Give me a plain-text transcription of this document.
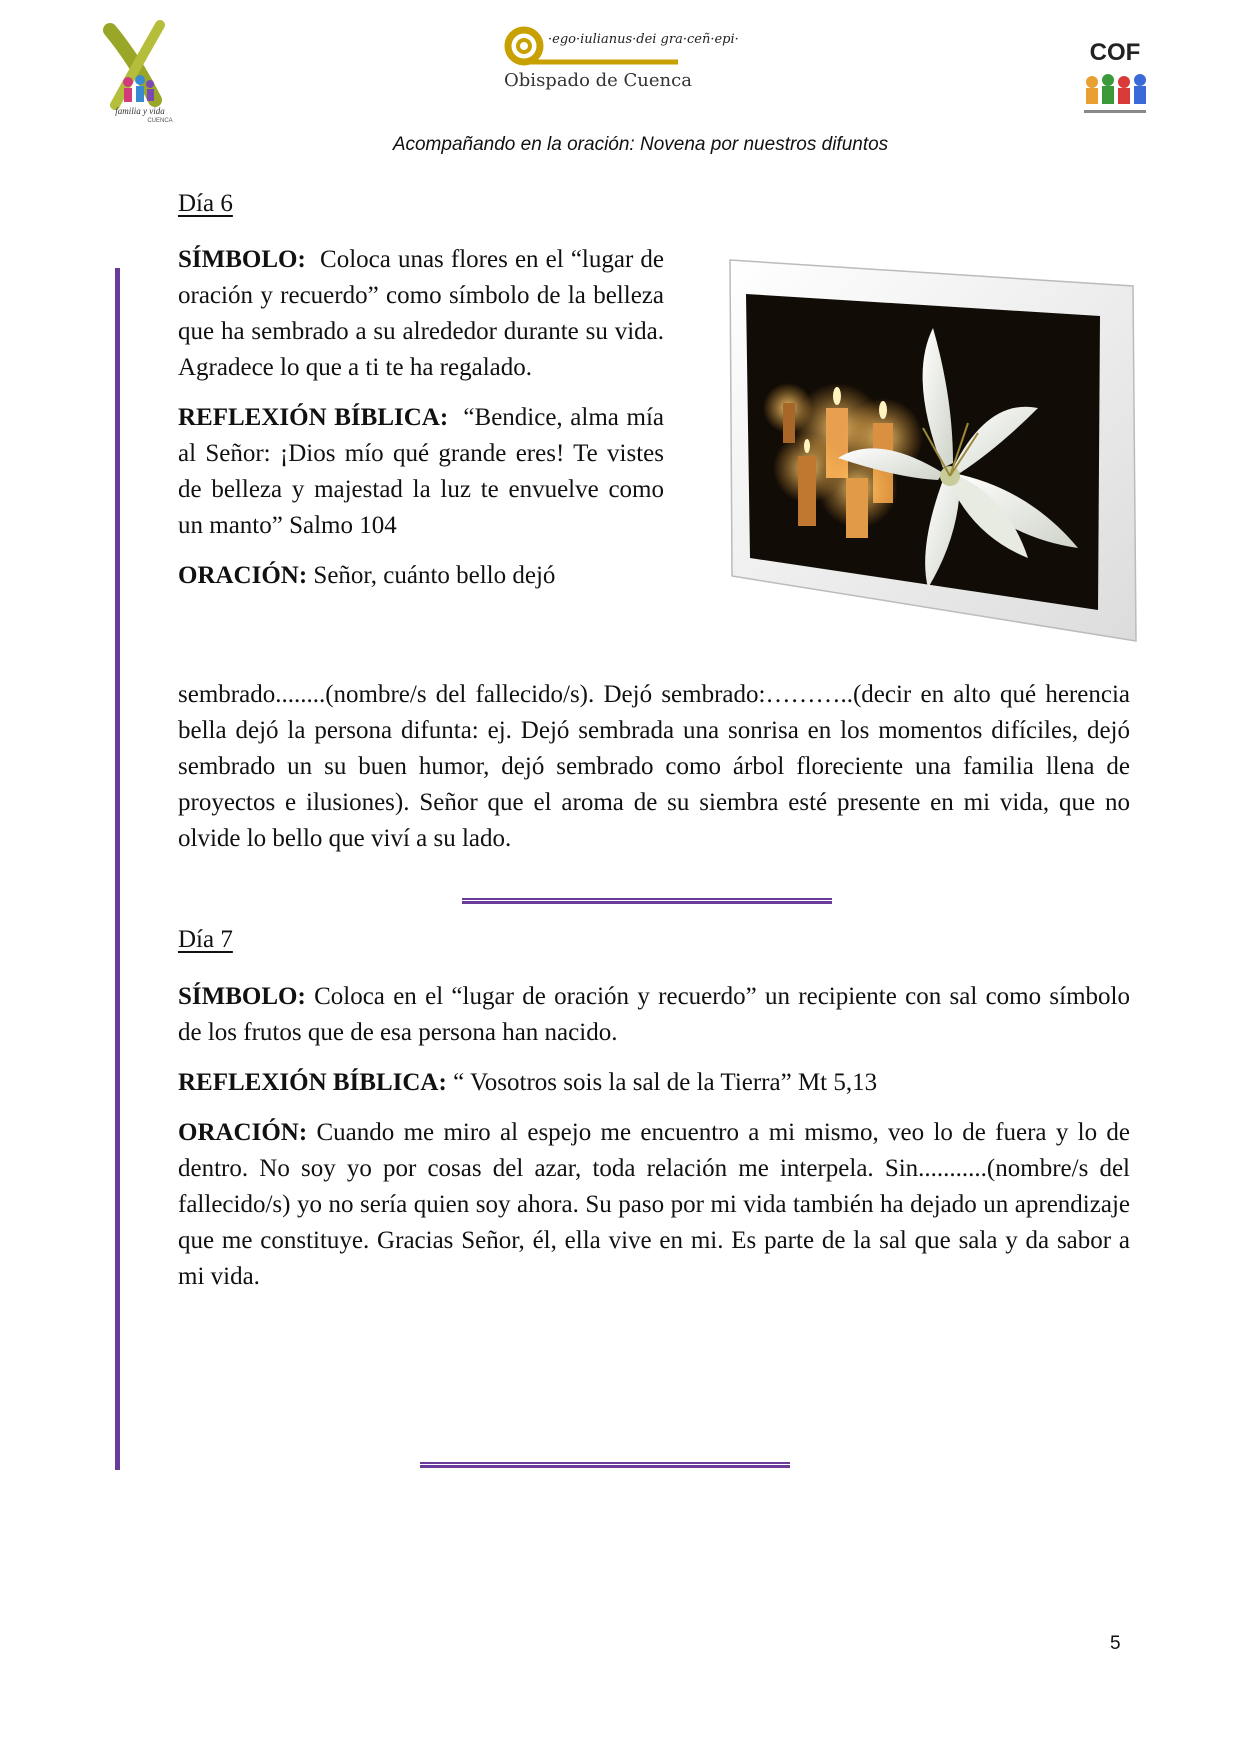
familia y vida
CUENCA
·ego·iulianus·dei gra·ceñ·epi·
Obispado de Cuenca
COF
Acompañando en la oración: Novena por nuestros difuntos
Día 6

SÍMBOLO: Coloca unas flores en el “lugar de oración y recuerdo” como símbolo de la belleza que ha sembrado a su alrededor durante su vida. Agradece lo que a ti te ha regalado.

REFLEXIÓN BÍBLICA: “Bendice, alma mía al Señor: ¡Dios mío qué grande eres! Te vistes de belleza y majestad la luz te envuelve como un manto” Salmo 104

ORACIÓN: Señor, cuánto bello dejó

sembrado........(nombre/s del fallecido/s). Dejó sembrado:………..(decir en alto qué herencia bella dejó la persona difunta: ej. Dejó sembrada una sonrisa en los momentos difíciles, dejó sembrado un su buen humor, dejó sembrado como árbol floreciente una familia llena de proyectos e ilusiones). Señor que el aroma de su siembra esté presente en mi vida, que no olvide lo bello que viví a su lado.
Día 7

SÍMBOLO: Coloca en el “lugar de oración y recuerdo” un recipiente con sal como símbolo de los frutos que de esa persona han nacido.

REFLEXIÓN BÍBLICA: “ Vosotros sois la sal de la Tierra” Mt 5,13

ORACIÓN: Cuando me miro al espejo me encuentro a mi mismo, veo lo de fuera y lo de dentro. No soy yo por cosas del azar, toda relación me interpela. Sin...........(nombre/s del fallecido/s) yo no sería quien soy ahora. Su paso por mi vida también ha dejado un aprendizaje que me constituye. Gracias Señor, él, ella vive en mi. Es parte de la sal que sala y da sabor a mi vida.

5
